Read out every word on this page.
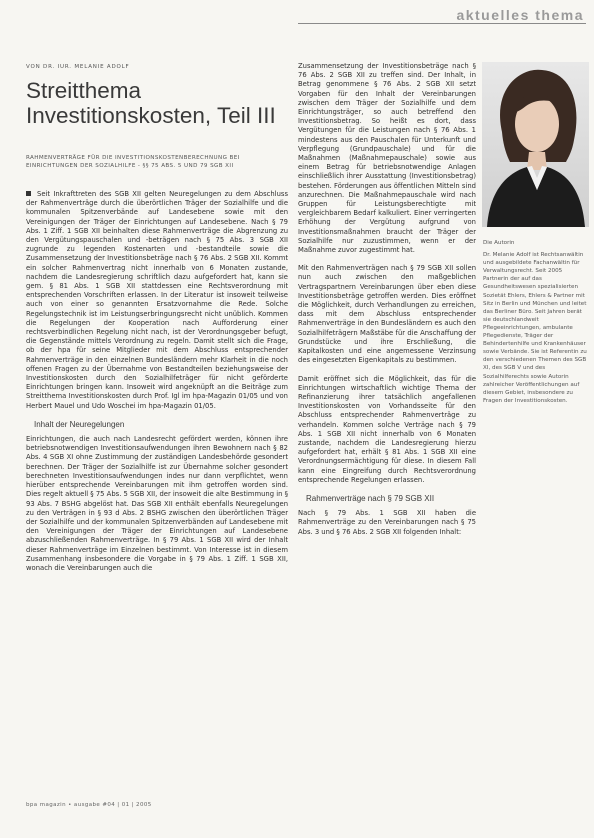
aktuelles thema
VON DR. IUR. MELANIE ADOLF
Streitthema Investitionskosten, Teil III
RAHMENVERTRÄGE FÜR DIE INVESTITIONSKOSTENBERECHNUNG BEI EINRICHTUNGEN DER SOZIALHILFE - §§ 75 ABS. 5 UND 79 SGB XII

Seit Inkrafttreten des SGB XII gelten Neuregelungen zu dem Abschluss der Rahmenverträge durch die überörtlichen Träger der Sozialhilfe und die kommunalen Spitzenverbände auf Landesebene sowie mit den Vereinigungen der Träger der Einrichtungen auf Landesebene. Nach § 79 Abs. 1 Ziff. 1 SGB XII beinhalten diese Rahmenverträge die Abgrenzung zu den Vergütungspauschalen und -beträgen nach § 75 Abs. 3 SGB XII zugrunde zu legenden Kostenarten und -bestandteile sowie die Zusammensetzung der Investitionsbeträge nach § 76 Abs. 2 SGB XII. Kommt ein solcher Rahmenvertrag nicht innerhalb von 6 Monaten zustande, nachdem die Landesregierung schriftlich dazu aufgefordert hat, kann sie gem. § 81 Abs. 1 SGB XII stattdessen eine Rechtsverordnung mit entsprechenden Vorschriften erlassen. In der Literatur ist insoweit teilweise auch von einer so genannten Ersatzvornahme die Rede. Solche Regelungstechnik ist im Leistungserbringungsrecht nicht unüblich. Kommen die Regelungen der Kooperation nach Aufforderung einer rechtsverbindlichen Regelung nicht nach, ist der Verordnungsgeber befugt, die Gegenstände mittels Verordnung zu regeln. Damit stellt sich die Frage, ob der hpa für seine Mitglieder mit dem Abschluss entsprechender Rahmenverträge in den einzelnen Bundesländern mehr Klarheit in die noch offenen Fragen zu der Übernahme von Bestandteilen beziehungsweise der Investitionskosten durch den Sozialhilfeträger für nicht geförderte Einrichtungen bringen kann. Insoweit wird angeknüpft an die Beiträge zum Streitthema Investitionskosten durch Prof. Igl im hpa-Magazin 01/05 und von Herbert Mauel und Udo Woschei im hpa-Magazin 01/05.

Inhalt der Neuregelungen

Einrichtungen, die auch nach Landesrecht gefördert werden, können ihre betriebsnotwendigen Investitionsaufwendungen ihren Bewohnern nach § 82 Abs. 4 SGB XI ohne Zustimmung der zuständigen Landesbehörde gesondert berechnen. Der Träger der Sozialhilfe ist zur Übernahme solcher gesondert berechneten Investitionsaufwendungen indes nur dann verpflichtet, wenn hierüber entsprechende Vereinbarungen mit ihm getroffen worden sind. Dies regelt aktuell § 75 Abs. 5 SGB XII, der insoweit die alte Bestimmung in § 93 Abs. 7 BSHG abgelöst hat. Das SGB XII enthält ebenfalls Neuregelungen zu den Verträgen in § 93 d Abs. 2 BSHG zwischen den überörtlichen Träger der Sozialhilfe und der kommunalen Spitzenverbänden auf Landesebene mit den Vereinigungen der Träger der Einrichtungen auf Landesebene abzuschließenden Rahmenverträge. In § 79 Abs. 1 SGB XII wird der Inhalt dieser Rahmenverträge im Einzelnen bestimmt. Von Interesse ist in diesem Zusammenhang insbesondere die Vorgabe in § 79 Abs. 1 Ziff. 1 SGB XII, wonach die Vereinbarungen auch die

Zusammensetzung der Investitionsbeträge nach § 76 Abs. 2 SGB XII zu treffen sind. Der Inhalt, in Betrag genommene § 76 Abs. 2 SGB XII setzt Vorgaben für den Inhalt der Vereinbarungen zwischen dem Träger der Sozialhilfe und dem Einrichtungsträger, so auch betreffend den Investitionsbetrag. So heißt es dort, dass Vergütungen für die Leistungen nach § 76 Abs. 1 mindestens aus den Pauschalen für Unterkunft und Verpflegung (Grundpauschale) und für die Maßnahmen (Maßnahmepauschale) sowie aus einem Betrag für betriebsnotwendige Anlagen einschließlich ihrer Ausstattung (Investitionsbetrag) bestehen. Förderungen aus öffentlichen Mitteln sind anzurechnen. Die Maßnahmepauschale wird nach Gruppen für Leistungsberechtigte mit vergleichbarem Bedarf kalkuliert. Einer verringerten Erhöhung der Vergütung aufgrund von Investitionsmaßnahmen braucht der Träger der Sozialhilfe nur zuzustimmen, wenn er der Maßnahme zuvor zugestimmt hat.

Mit den Rahmenverträgen nach § 79 SGB XII sollen nun auch zwischen den maßgeblichen Vertragspartnern Vereinbarungen über eben diese Investitionsbeträge getroffen werden. Dies eröffnet die Möglichkeit, durch Verhandlungen zu erreichen, dass mit dem Abschluss entsprechender Rahmenverträge in den Bundesländern es auch den Sozialhilfeträgern Maßstäbe für die Anschaffung der Grundstücke und ihre Erschließung, die Kapitalkosten und eine angemessene Verzinsung des eingesetzten Eigenkapitals zu bestimmen.

Damit eröffnet sich die Möglichkeit, das für die Einrichtungen wirtschaftlich wichtige Thema der Refinanzierung ihrer tatsächlich angefallenen Investitionskosten von Vorhandsseite für den Abschluss entsprechender Rahmenverträge zu verhandeln. Kommen solche Verträge nach § 79 Abs. 1 SGB XII nicht innerhalb von 6 Monaten zustande, nachdem die Landesregierung hierzu aufgefordert hat, erhält § 81 Abs. 1 SGB XII eine Verordnungsermächtigung für diese. In diesem Fall kann eine Eingreifung durch Rechtsverordnung entsprechende Regelungen erlassen.

Rahmenverträge nach § 79 SGB XII

Nach § 79 Abs. 1 SGB XII haben die Rahmenverträge zu den Vereinbarungen nach § 75 Abs. 3 und § 76 Abs. 2 SGB XII folgenden Inhalt:

Die Autorin
Dr. Melanie Adolf ist Rechtsanwältin und ausgebildete Fachanwältin für Verwaltungsrecht. Seit 2005 Partnerin der auf das Gesundheitswesen spezialisierten Sozietät Ehlers, Ehlers & Partner mit Sitz in Berlin und München und leitet das Berliner Büro. Seit Jahren berät sie deutschlandweit Pflegeeinrichtungen, ambulante Pflegedienste, Träger der Behindertenhilfe und Krankenhäuser sowie Verbände. Sie ist Referentin zu den verschiedenen Themen des SGB XI, des SGB V und des Sozialhilferechts sowie Autorin zahlreicher Veröffentlichungen auf diesem Gebiet, insbesondere zu Fragen der Investitionskosten.
bpa magazin • ausgabe #04 | 01 | 2005
